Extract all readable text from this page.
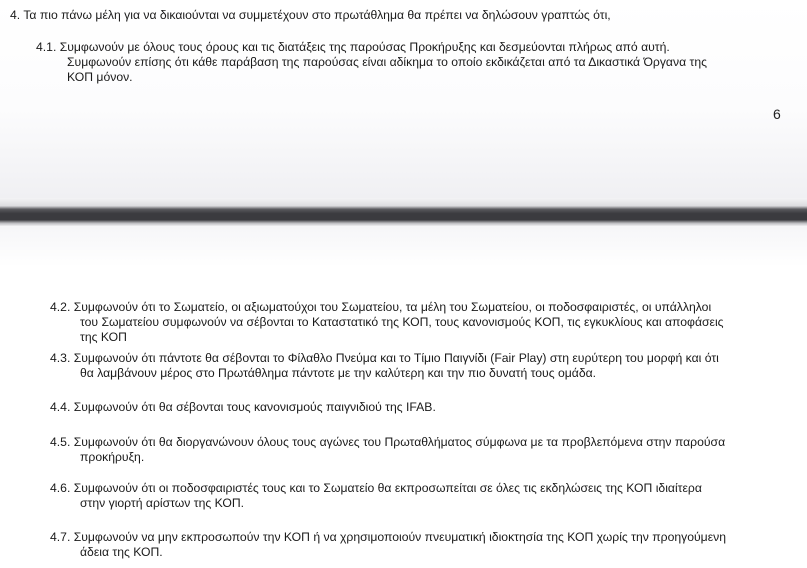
4. Τα πιο πάνω μέλη για να δικαιούνται να συμμετέχουν στο πρωτάθλημα θα πρέπει να δηλώσουν γραπτώς ότι,

4.1. Συμφωνούν με όλους τους όρους και τις διατάξεις της παρούσας Προκήρυξης και δεσμεύονται πλήρως από αυτή.

Συμφωνούν επίσης ότι κάθε παράβαση της παρούσας είναι αδίκημα το οποίο εκδικάζεται από τα Δικαστικά Όργανα της

ΚΟΠ μόνον.

6

4.2. Συμφωνούν ότι το Σωματείο, οι αξιωματούχοι του Σωματείου, τα μέλη του Σωματείου, οι ποδοσφαιριστές, οι υπάλληλοι

του Σωματείου συμφωνούν να σέβονται το Καταστατικό της ΚΟΠ, τους κανονισμούς ΚΟΠ, τις εγκυκλίους και αποφάσεις

της ΚΟΠ

4.3. Συμφωνούν ότι πάντοτε θα σέβονται το Φίλαθλο Πνεύμα και το Τίμιο Παιγνίδι (Fair Play) στη ευρύτερη του μορφή και ότι

θα λαμβάνουν μέρος στο Πρωτάθλημα πάντοτε με την καλύτερη και την πιο δυνατή τους ομάδα.

4.4. Συμφωνούν ότι θα σέβονται τους κανονισμούς παιγνιδιού της IFAB.

4.5. Συμφωνούν ότι θα διοργανώνουν όλους τους αγώνες του Πρωταθλήματος σύμφωνα με τα προβλεπόμενα στην παρούσα

προκήρυξη.

4.6. Συμφωνούν ότι οι ποδοσφαιριστές τους και το Σωματείο θα εκπροσωπείται σε όλες τις εκδηλώσεις της ΚΟΠ ιδιαίτερα

στην γιορτή αρίστων της ΚΟΠ.

4.7. Συμφωνούν να μην εκπροσωπούν την ΚΟΠ ή να χρησιμοποιούν πνευματική ιδιοκτησία της ΚΟΠ χωρίς την προηγούμενη

άδεια της ΚΟΠ.
